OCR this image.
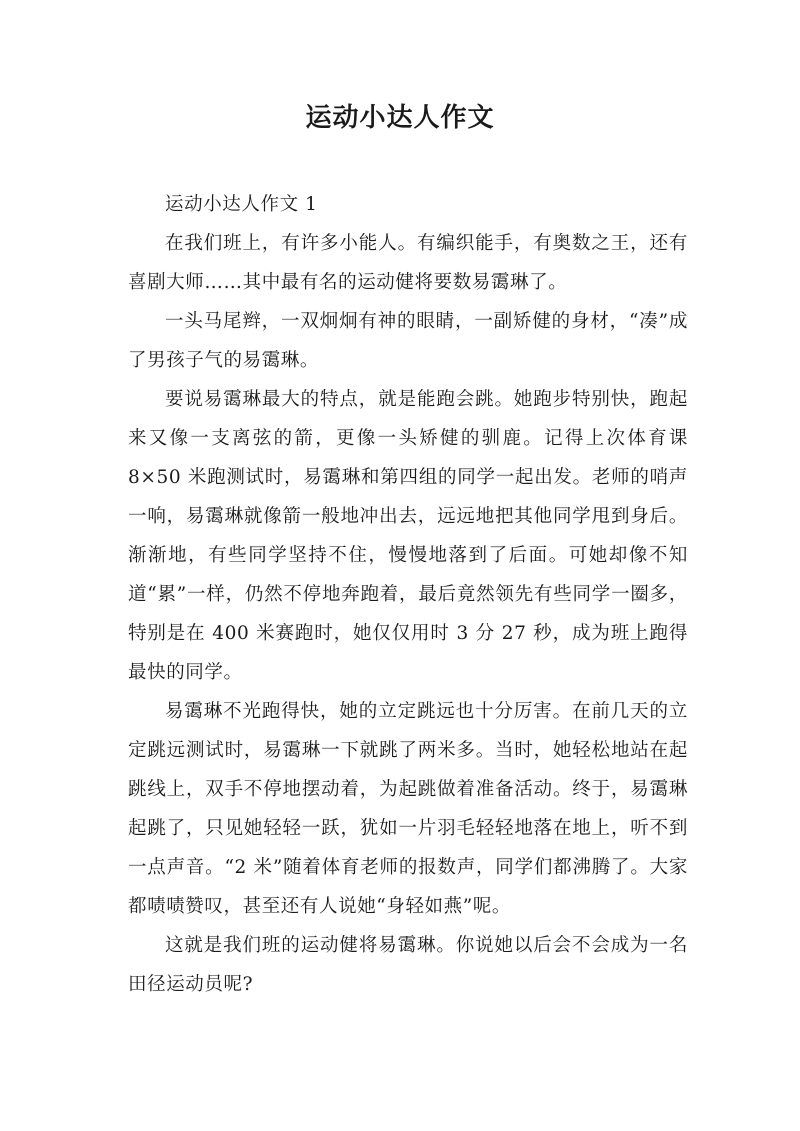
运动小达人作文

运动小达人作文 1

在我们班上，有许多小能人。有编织能手，有奥数之王，还有喜剧大师……其中最有名的运动健将要数易霭琳了。

一头马尾辫，一双炯炯有神的眼睛，一副矫健的身材，“凑”成了男孩子气的易霭琳。

要说易霭琳最大的特点，就是能跑会跳。她跑步特别快，跑起来又像一支离弦的箭，更像一头矫健的驯鹿。记得上次体育课 8×50 米跑测试时，易霭琳和第四组的同学一起出发。老师的哨声一响，易霭琳就像箭一般地冲出去，远远地把其他同学甩到身后。渐渐地，有些同学坚持不住，慢慢地落到了后面。可她却像不知道“累”一样，仍然不停地奔跑着，最后竟然领先有些同学一圈多，特别是在 400 米赛跑时，她仅仅用时 3 分 27 秒，成为班上跑得最快的同学。

易霭琳不光跑得快，她的立定跳远也十分厉害。在前几天的立定跳远测试时，易霭琳一下就跳了两米多。当时，她轻松地站在起跳线上，双手不停地摆动着，为起跳做着准备活动。终于，易霭琳起跳了，只见她轻轻一跃，犹如一片羽毛轻轻地落在地上，听不到一点声音。“2 米”随着体育老师的报数声，同学们都沸腾了。大家都啧啧赞叹，甚至还有人说她“身轻如燕”呢。

这就是我们班的运动健将易霭琳。你说她以后会不会成为一名田径运动员呢?
